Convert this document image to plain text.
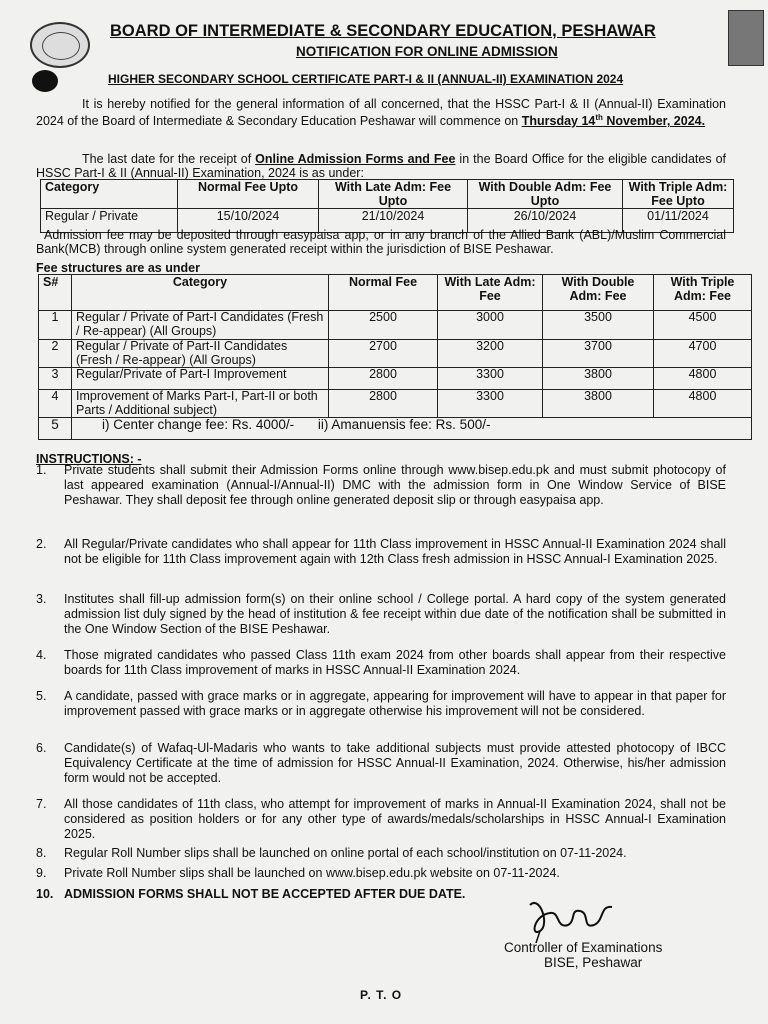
BOARD OF INTERMEDIATE & SECONDARY EDUCATION, PESHAWAR
NOTIFICATION FOR ONLINE ADMISSION
HIGHER SECONDARY SCHOOL CERTIFICATE PART-I & II (ANNUAL-II) EXAMINATION 2024
It is hereby notified for the general information of all concerned, that the HSSC Part-I & II (Annual-II) Examination 2024 of the Board of Intermediate & Secondary Education Peshawar will commence on Thursday 14th November, 2024.
The last date for the receipt of Online Admission Forms and Fee in the Board Office for the eligible candidates of HSSC Part-I & II (Annual-II) Examination, 2024 is as under:
Category	Normal Fee Upto	With Late Adm: Fee Upto	With Double Adm: Fee Upto	With Triple Adm: Fee Upto
Regular / Private	15/10/2024	21/10/2024	26/10/2024	01/11/2024
Admission fee may be deposited through easypaisa app, or in any branch of the Allied Bank (ABL)/Muslim Commercial Bank(MCB) through online system generated receipt within the jurisdiction of BISE Peshawar.
Fee structures are as under
S#	Category	Normal Fee	With Late Adm: Fee	With Double Adm: Fee	With Triple Adm: Fee
1	Regular / Private of Part-I Candidates (Fresh / Re-appear) (All Groups)	2500	3000	3500	4500
2	Regular / Private of Part-II Candidates (Fresh / Re-appear) (All Groups)	2700	3200	3700	4700
3	Regular/Private of Part-I Improvement	2800	3300	3800	4800
4	Improvement of Marks Part-I, Part-II or both Parts / Additional subject)	2800	3300	3800	4800
5	i) Center change fee: Rs. 4000/- ii) Amanuensis fee: Rs. 500/-				
INSTRUCTIONS: -
1.	Private students shall submit their Admission Forms online through www.bisep.edu.pk and must submit photocopy of last appeared examination (Annual-I/Annual-II) DMC with the admission form in One Window Service of BISE Peshawar. They shall deposit fee through online generated deposit slip or through easypaisa app.
2.	All Regular/Private candidates who shall appear for 11th Class improvement in HSSC Annual-II Examination 2024 shall not be eligible for 11th Class improvement again with 12th Class fresh admission in HSSC Annual-I Examination 2025.
3.	Institutes shall fill-up admission form(s) on their online school / College portal. A hard copy of the system generated admission list duly signed by the head of institution & fee receipt within due date of the notification shall be submitted in the One Window Section of the BISE Peshawar.
4.	Those migrated candidates who passed Class 11th exam 2024 from other boards shall appear from their respective boards for 11th Class improvement of marks in HSSC Annual-II Examination 2024.
5.	A candidate, passed with grace marks or in aggregate, appearing for improvement will have to appear in that paper for improvement passed with grace marks or in aggregate otherwise his improvement will not be considered.
6.	Candidate(s) of Wafaq-Ul-Madaris who wants to take additional subjects must provide attested photocopy of IBCC Equivalency Certificate at the time of admission for HSSC Annual-II Examination, 2024. Otherwise, his/her admission form would not be accepted.
7.	All those candidates of 11th class, who attempt for improvement of marks in Annual-II Examination 2024, shall not be considered as position holders or for any other type of awards/medals/scholarships in HSSC Annual-I Examination 2025.
8.	Regular Roll Number slips shall be launched on online portal of each school/institution on 07-11-2024.
9.	Private Roll Number slips shall be launched on www.bisep.edu.pk website on 07-11-2024.
10. ADMISSION FORMS SHALL NOT BE ACCEPTED AFTER DUE DATE.
Controller of Examinations
BISE, Peshawar
P. T. O
